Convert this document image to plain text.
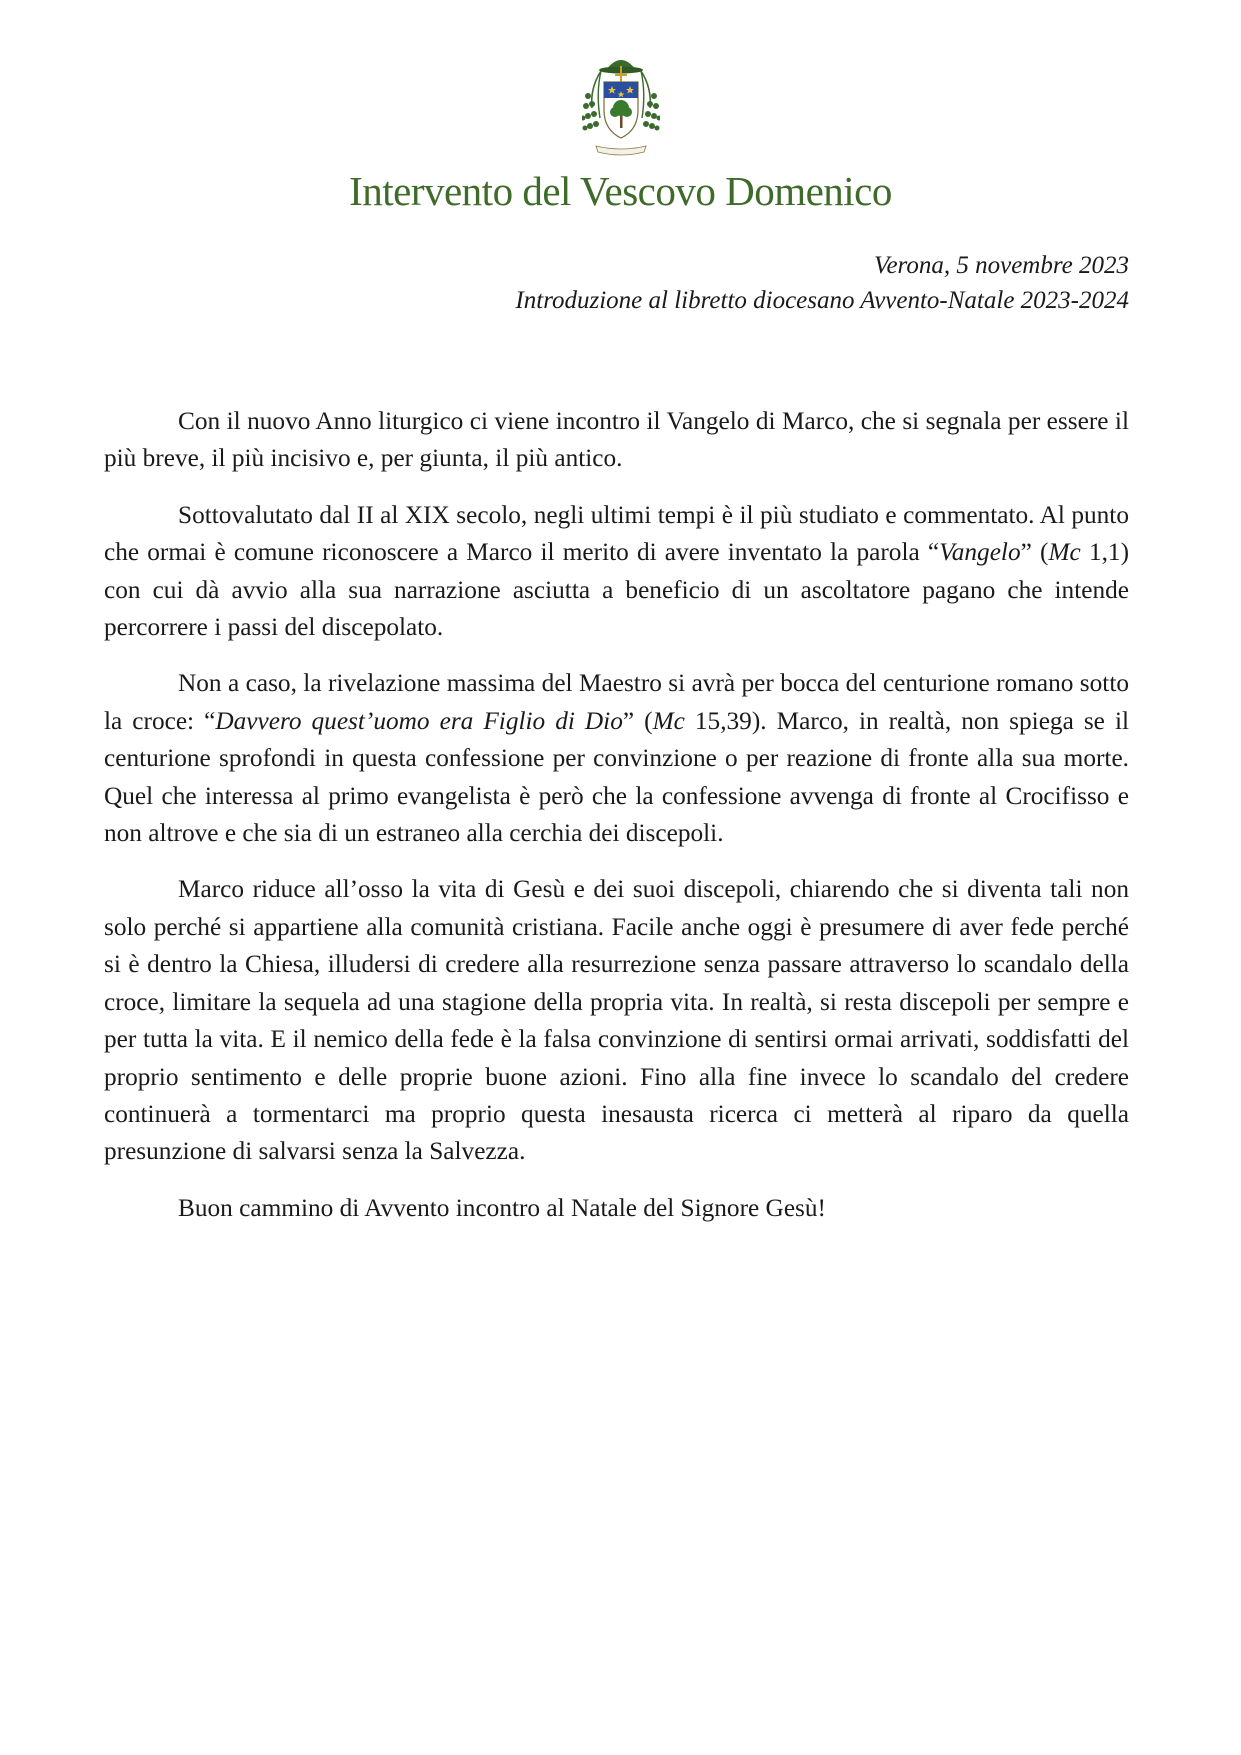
Intervento del Vescovo Domenico
Verona, 5 novembre 2023
Introduzione al libretto diocesano Avvento-Natale 2023-2024

Con il nuovo Anno liturgico ci viene incontro il Vangelo di Marco, che si segnala per essere il più breve, il più incisivo e, per giunta, il più antico.

Sottovalutato dal II al XIX secolo, negli ultimi tempi è il più studiato e commentato. Al punto che ormai è comune riconoscere a Marco il merito di avere inventato la parola “Vangelo” (Mc 1,1) con cui dà avvio alla sua narrazione asciutta a beneficio di un ascoltatore pagano che intende percorrere i passi del discepolato.

Non a caso, la rivelazione massima del Maestro si avrà per bocca del centurione romano sotto la croce: “Davvero quest’uomo era Figlio di Dio” (Mc 15,39). Marco, in realtà, non spiega se il centurione sprofondi in questa confessione per convinzione o per reazione di fronte alla sua morte. Quel che interessa al primo evangelista è però che la confessione avvenga di fronte al Crocifisso e non altrove e che sia di un estraneo alla cerchia dei discepoli.

Marco riduce all’osso la vita di Gesù e dei suoi discepoli, chiarendo che si diventa tali non solo perché si appartiene alla comunità cristiana. Facile anche oggi è presumere di aver fede perché si è dentro la Chiesa, illudersi di credere alla resurrezione senza passare attraverso lo scandalo della croce, limitare la sequela ad una stagione della propria vita. In realtà, si resta discepoli per sempre e per tutta la vita. E il nemico della fede è la falsa convinzione di sentirsi ormai arrivati, soddisfatti del proprio sentimento e delle proprie buone azioni. Fino alla fine invece lo scandalo del credere continuerà a tormentarci ma proprio questa inesausta ricerca ci metterà al riparo da quella presunzione di salvarsi senza la Salvezza.

Buon cammino di Avvento incontro al Natale del Signore Gesù!
